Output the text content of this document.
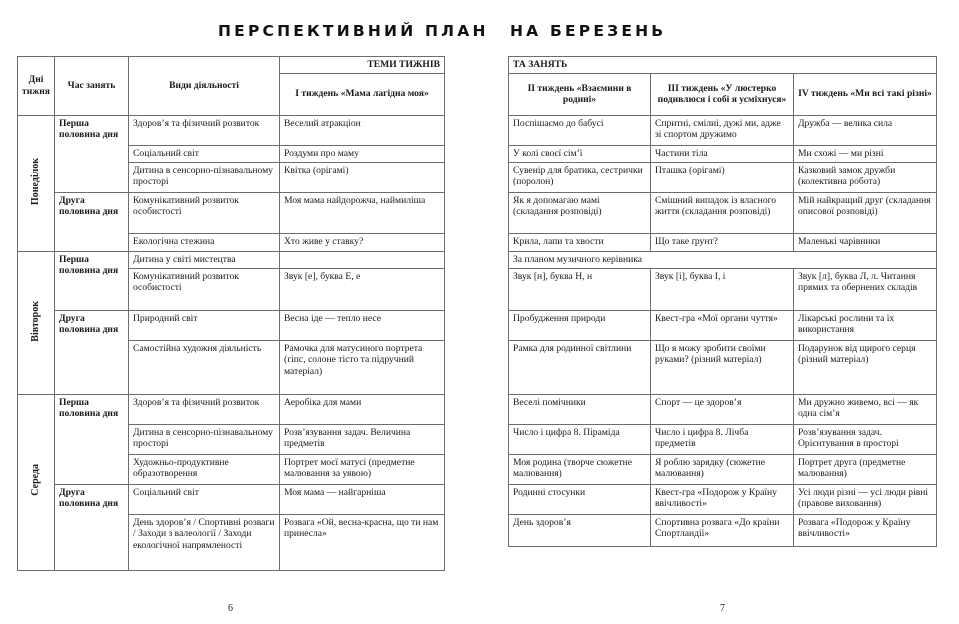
ПЕРСПЕКТИВНИЙ ПЛАН НА БЕРЕЗЕНЬ
Дні тижня	Час занять	Види діяльності	ТЕМИ ТИЖНІВ
			І тиждень «Мама лагідна моя»
Понеділок	Перша половина дня	Здоров’я та фізичний розвиток	Веселий атракціон
		Соціальний світ	Роздуми про маму
		Дитина в сенсорно-пізнавальному просторі	Квітка (орігамі)
	Друга половина дня	Комунікативний розвиток особистості	Моя мама найдорожча, наймиліша
		Екологічна стежина	Хто живе у ставку?
Вівторок	Перша половина дня	Дитина у світі мистецтва	
		Комунікативний розвиток особистості	Звук [е], буква Е, е
	Друга половина дня	Природний світ	Весна іде — тепло несе
		Самостійна художня діяльність	Рамочка для матусиного портрета (гіпс, солоне тісто та підручний матеріал)
Середа	Перша половина дня	Здоров’я та фізичний розвиток	Аеробіка для мами
		Дитина в сенсорно-пізнавальному просторі	Розв’язування задач. Величина предметів
		Художньо-продуктивне образотворення	Портрет моєї матусі (предметне малювання за уявою)
	Друга половина дня	Соціальний світ	Моя мама — найгарніша
		День здоров’я / Спортивні розваги / Заходи з валеології / Заходи екологічної напрямленості	Розвага «Ой, весна-красна, що ти нам принесла»
ТА ЗАНЯТЬ		
ІІ тиждень «Взаємини в родині»	ІІІ тиждень «У люстерко подивлюся і собі я усміхнуся»	IV тиждень «Ми всі такі різні»
Поспішаємо до бабусі	Спритні, смілиі, дужі ми, адже зі спортом дружимо	Дружба — велика сила
У колі своєї сім’ї	Частини тіла	Ми схожі — ми різні
Сувенір для братика, сестрички (поролон)	Пташка (орігамі)	Казковий замок дружби (колективна робота)
Як я допомагаю мамі (складання розповіді)	Смішний випадок із власного життя (складання розповіді)	Мій найкращий друг (складання описової розповіді)
Крила, лапи та хвости	Що таке ґрунт?	Маленькі чарівники
За планом музичного керівника		
Звук [н], буква Н, н	Звук [і], буква І, і	Звук [л], буква Л, л. Читання прямих та обернених складів
Пробудження природи	Квест-гра «Мої органи чуття»	Лікарські рослини та їх використання
Рамка для родинної світлини	Що я можу зробити своїми руками? (різний матеріал)	Подарунок від щирого серця (різний матеріал)
Веселі помічники	Спорт — це здоров’я	Ми дружно живемо, всі — як одна сім’я
Число і цифра 8. Піраміда	Число і цифра 8. Лічба предметів	Розв’язування задач. Орієнтування в просторі
Моя родина (творче сюжетне малювання)	Я роблю зарядку (сюжетне малювання)	Портрет друга (предметне малювання)
Родинні стосунки	Квест-гра «Подорож у Країну ввічливості»	Усі люди різні — усі люди рівні (правове виховання)
День здоров’я	Спортивна розвага «До країни Спортландії»	Розвага «Подорож у Країну ввічливості»
6	7
